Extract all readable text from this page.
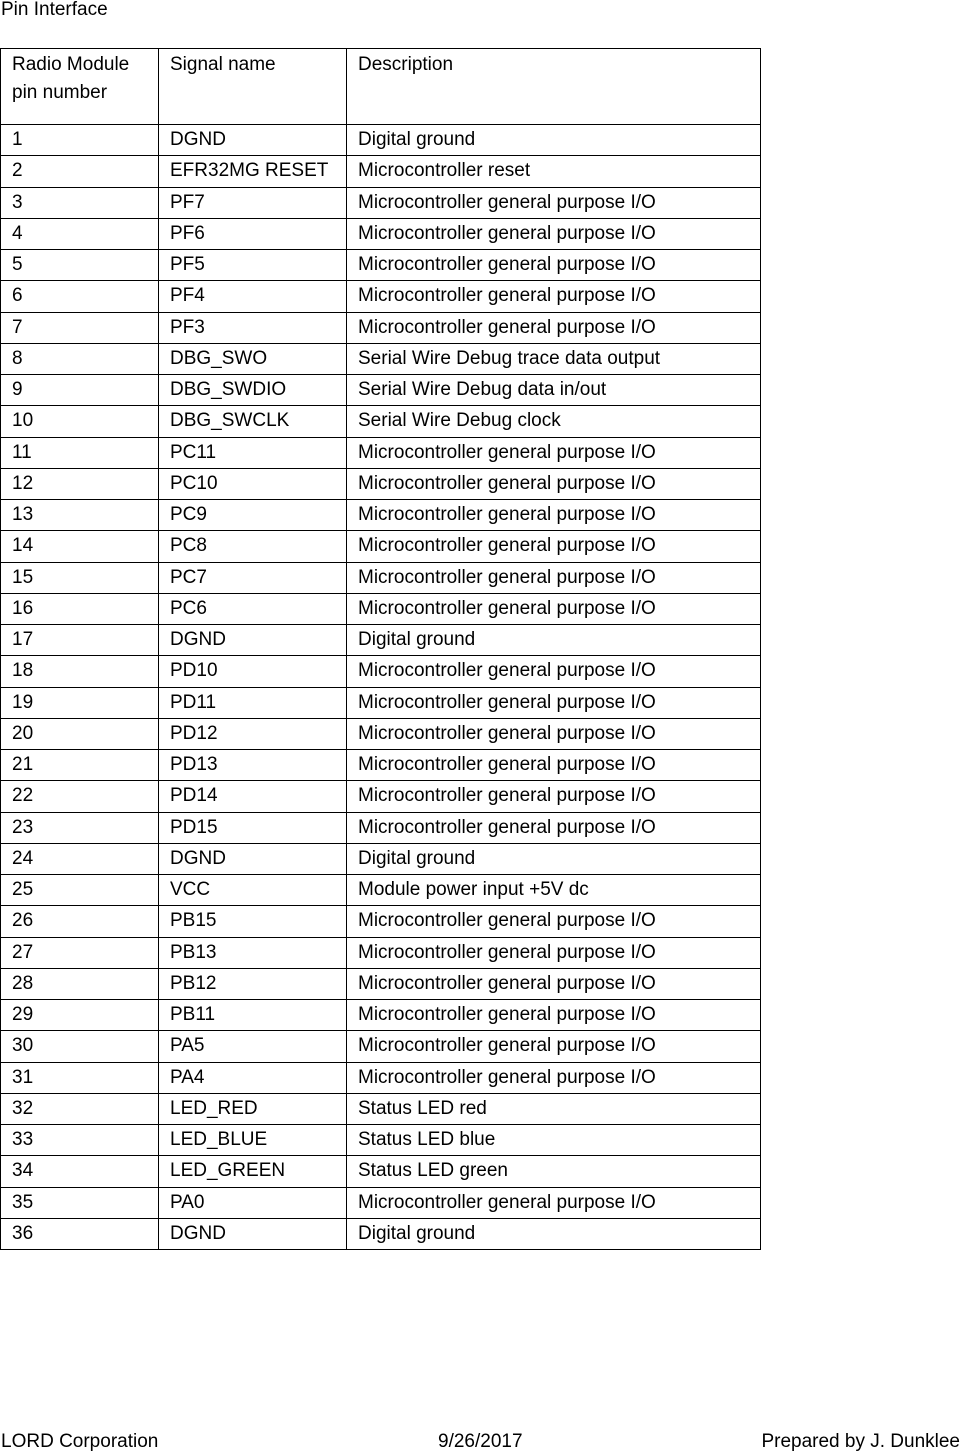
Pin Interface
Radio Module pin number	Signal name	Description
1	DGND	Digital ground
2	EFR32MG RESET	Microcontroller reset
3	PF7	Microcontroller general purpose I/O
4	PF6	Microcontroller general purpose I/O
5	PF5	Microcontroller general purpose I/O
6	PF4	Microcontroller general purpose I/O
7	PF3	Microcontroller general purpose I/O
8	DBG_SWO	Serial Wire Debug trace data output
9	DBG_SWDIO	Serial Wire Debug data in/out
10	DBG_SWCLK	Serial Wire Debug clock
11	PC11	Microcontroller general purpose I/O
12	PC10	Microcontroller general purpose I/O
13	PC9	Microcontroller general purpose I/O
14	PC8	Microcontroller general purpose I/O
15	PC7	Microcontroller general purpose I/O
16	PC6	Microcontroller general purpose I/O
17	DGND	Digital ground
18	PD10	Microcontroller general purpose I/O
19	PD11	Microcontroller general purpose I/O
20	PD12	Microcontroller general purpose I/O
21	PD13	Microcontroller general purpose I/O
22	PD14	Microcontroller general purpose I/O
23	PD15	Microcontroller general purpose I/O
24	DGND	Digital ground
25	VCC	Module power input +5V dc
26	PB15	Microcontroller general purpose I/O
27	PB13	Microcontroller general purpose I/O
28	PB12	Microcontroller general purpose I/O
29	PB11	Microcontroller general purpose I/O
30	PA5	Microcontroller general purpose I/O
31	PA4	Microcontroller general purpose I/O
32	LED_RED	Status LED red
33	LED_BLUE	Status LED blue
34	LED_GREEN	Status LED green
35	PA0	Microcontroller general purpose I/O
36	DGND	Digital ground
LORD Corporation	9/26/2017	Prepared by J. Dunklee
